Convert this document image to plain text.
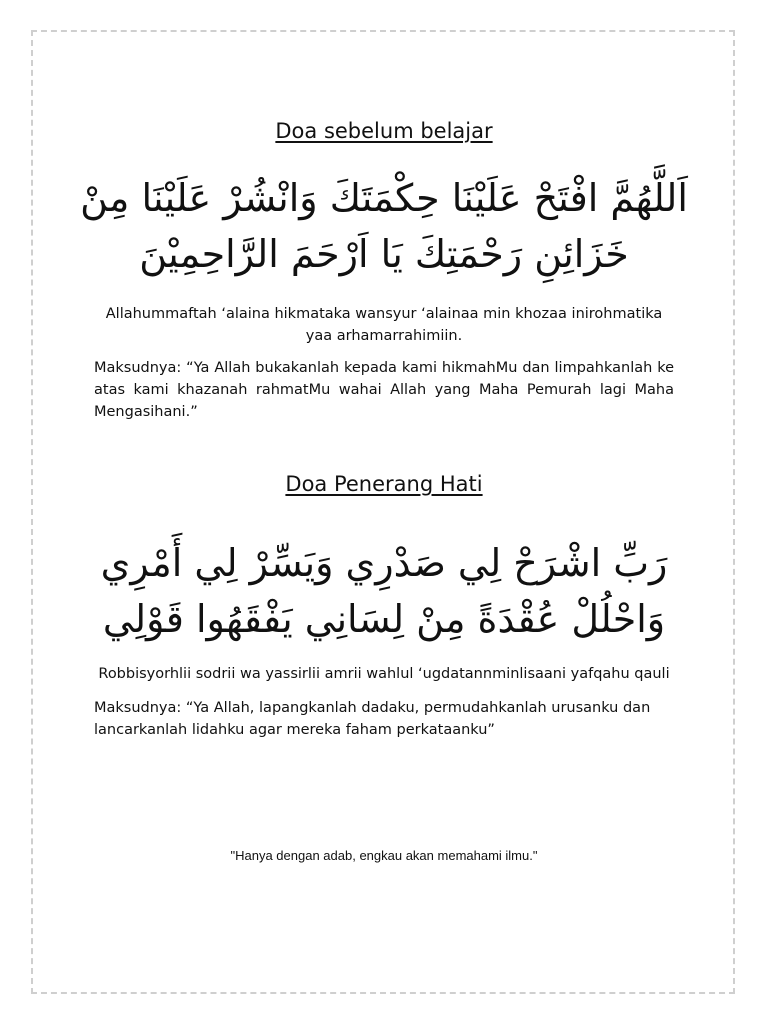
Doa sebelum belajar
اَللَّهُمَّ افْتَحْ عَلَيْنَا حِكْمَتَكَ وَانْشُرْ عَلَيْنَا مِنْ
خَزَائِنِ رَحْمَتِكَ يَا اَرْحَمَ الرَّاحِمِيْنَ

Allahummaftah ‘alaina hikmataka wansyur ‘alainaa min khozaa inirohmatika yaa arhamarrahimiin.

Maksudnya: “Ya Allah bukakanlah kepada kami hikmahMu dan limpahkanlah ke atas kami khazanah rahmatMu wahai Allah yang Maha Pemurah lagi Maha Mengasihani.”

Doa Penerang Hati
رَبِّ اشْرَحْ لِي صَدْرِي وَيَسِّرْ لِي أَمْرِي
وَاحْلُلْ عُقْدَةً مِنْ لِسَانِي يَفْقَهُوا قَوْلِي

Robbisyorhlii sodrii wa yassirlii amrii wahlul ‘ugdatannminlisaani yafqahu qauli

Maksudnya: “Ya Allah, lapangkanlah dadaku, permudahkanlah urusanku dan lancarkanlah lidahku agar mereka faham perkataanku”

"Hanya dengan adab, engkau akan memahami ilmu."
